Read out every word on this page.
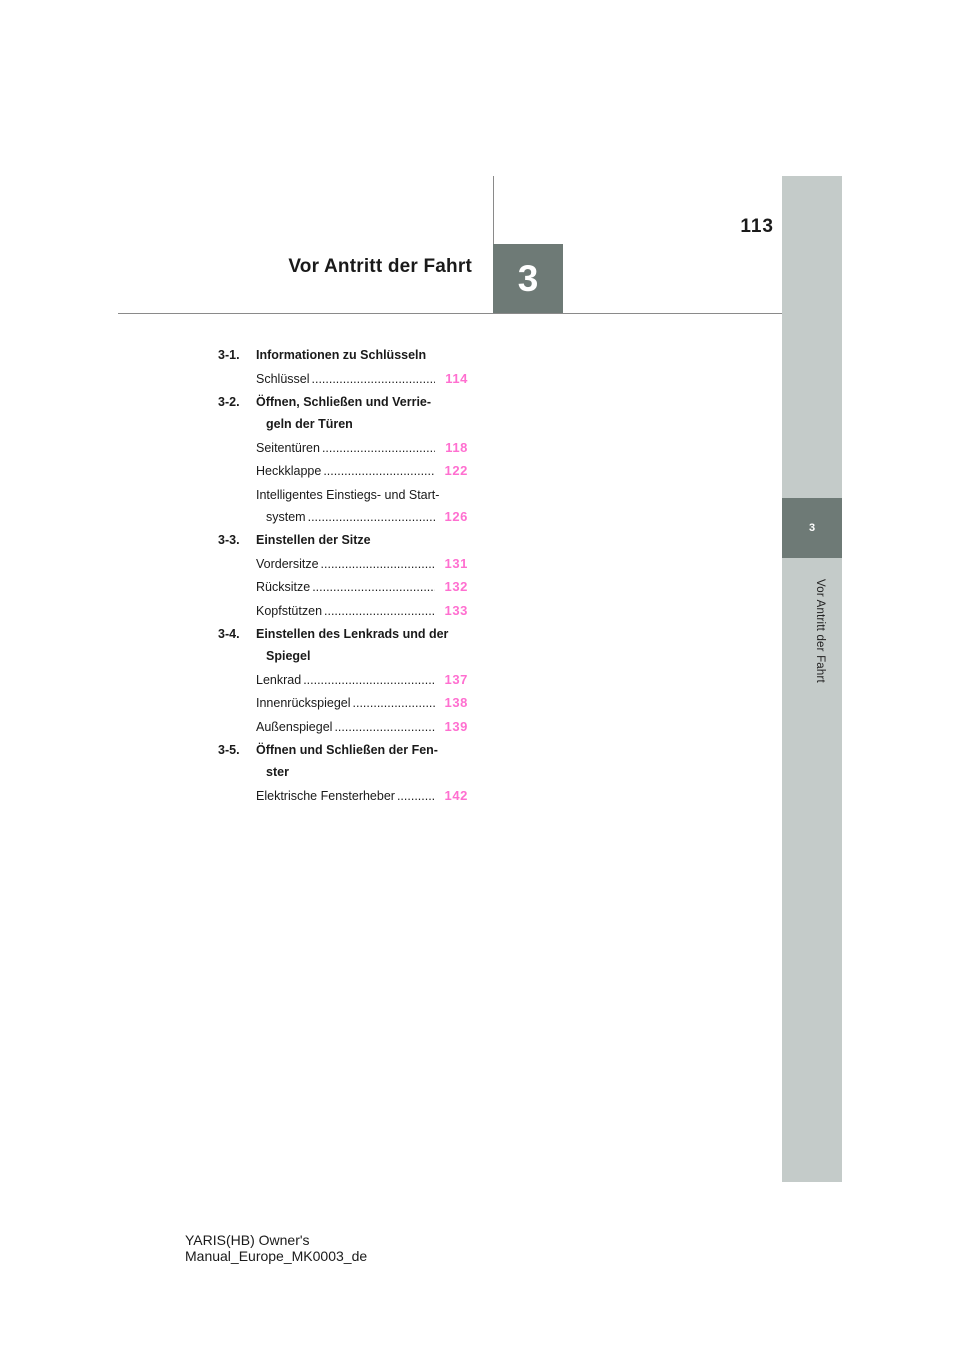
3
Vor Antritt der Fahrt
113
Vor Antritt der Fahrt 3
3-1. Informationen zu Schlüsseln
Schlüssel .....	114
3-2. Öffnen, Schließen und Verrie-
geln der Türen
Seitentüren .....	118
Heckklappe .....	122
Intelligentes Einstiegs- und Start-
system .....	126
3-3. Einstellen der Sitze
Vordersitze .....	131
Rücksitze .....	132
Kopfstützen .....	133
3-4. Einstellen des Lenkrads und der
Spiegel
Lenkrad .....	137
Innenrückspiegel .....	138
Außenspiegel .....	139
3-5. Öffnen und Schließen der Fen-
ster
Elektrische Fensterheber .....	142
YARIS(HB) Owner's Manual_Europe_MK0003_de
